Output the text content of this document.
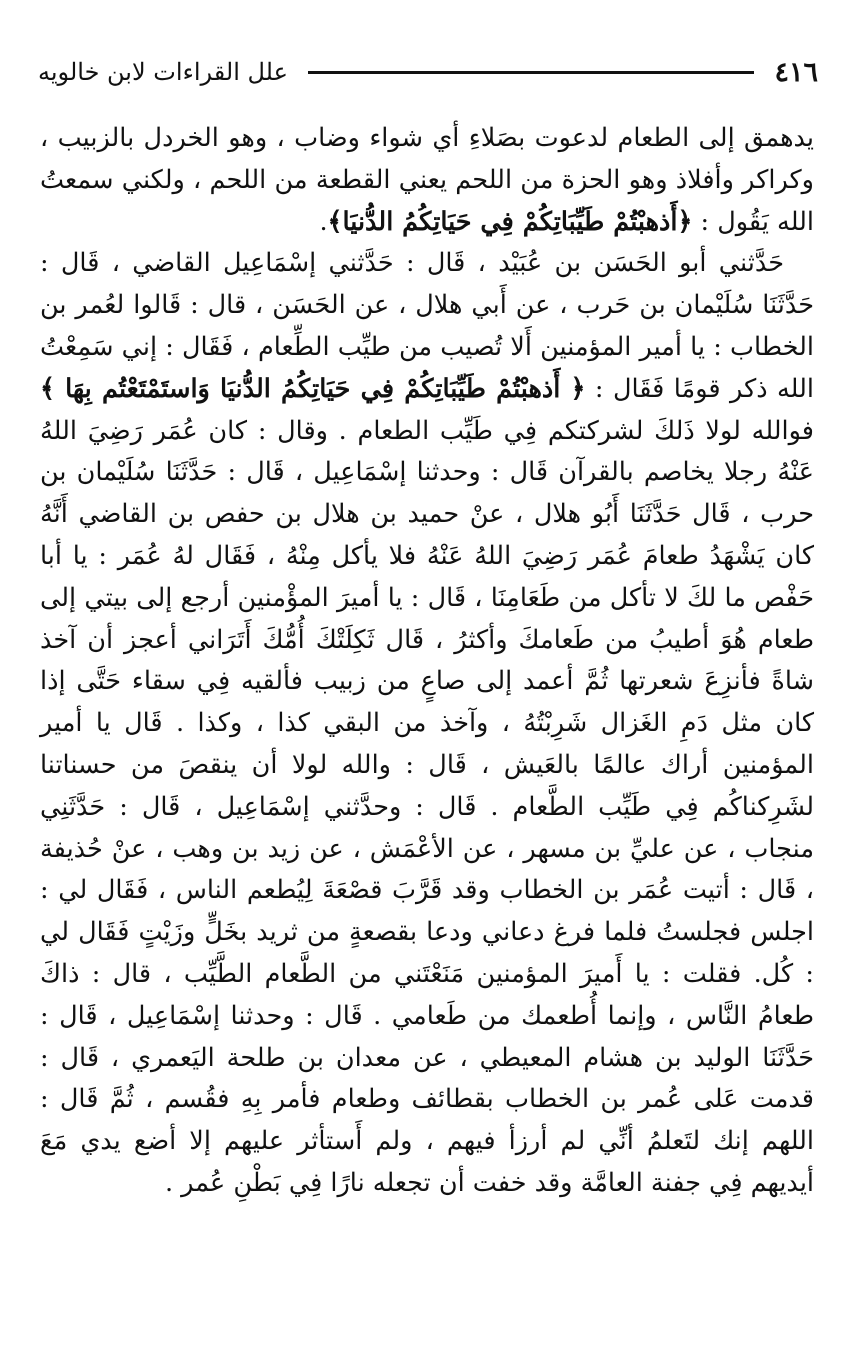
٤١٦
علل القراءات لابن خالويه

يدهمق إلى الطعام لدعوت بصَلاءِ أي شواء وضاب ، وهو الخردل بالزبيب ، وكراكر وأفلاذ وهو الحزة من اللحم يعني القطعة من اللحم ، ولكني سمعتُ الله يَقُول : ﴿أَذهبْتُمْ طَيِّبَاتِكُمْ فِي حَيَاتِكُمُ الدُّنيَا﴾.

حَدَّثني أبو الحَسَن بن عُبَيْد ، قَال : حَدَّثني إسْمَاعِيل القاضي ، قَال : حَدَّثَنَا سُلَيْمان بن حَرب ، عن أَبي هلال ، عن الحَسَن ، قال : قَالوا لعُمر بن الخطاب : يا أمير المؤمنين أَلا تُصيب من طيِّب الطِّعام ، فَقَال : إني سَمِعْتُ الله ذكر قومًا فَقَال : ﴿ أَذهبْتُمْ طَيِّبَاتِكُمْ فِي حَيَاتِكُمُ الدُّنيَا وَاستَمْتَعْتُم بِهَا ﴾ فوالله لولا ذَلكَ لشركتكم فِي طَيِّب الطعام . وقال : كان عُمَر رَضِيَ اللهُ عَنْهُ رجلا يخاصم بالقرآن قَال : وحدثنا إسْمَاعِيل ، قَال : حَدَّثَنَا سُلَيْمان بن حرب ، قَال حَدَّثَنَا أَبُو هلال ، عنْ حميد بن هلال بن حفص بن القاضي أَنَّهُ كان يَشْهَدُ طعامَ عُمَر رَضِيَ اللهُ عَنْهُ فلا يأكل مِنْهُ ، فَقَال لهُ عُمَر : يا أبا حَفْص ما لكَ لا تأكل من طَعَامِنَا ، قَال : يا أميرَ المؤْمنين أرجع إلى بيتي إلى طعام هُوَ أطيبُ من طَعامكَ وأكثرُ ، قَال ثَكِلَتْكَ أُمُّكَ أَتَرَاني أعجز أن آخذ شاةً فأنزِعَ شعرتها ثُمَّ أعمد إلى صاعٍ من زبيب فألقيه فِي سقاء حَتَّى إذا كان مثل دَمِ الغَزال شَرِبْتُهُ ، وآخذ من البقي كذا ، وكذا . قَال يا أمير المؤمنين أراك عالمًا بالعَيش ، قَال : والله لولا أن ينقصَ من حسناتنا لشَرِكناكُم فِي طَيِّب الطَّعام . قَال : وحدَّثني إسْمَاعِيل ، قَال : حَدَّثَنِي منجاب ، عن عليِّ بن مسهر ، عن الأعْمَش ، عن زيد بن وهب ، عنْ حُذيفة ، قَال : أتيت عُمَر بن الخطاب وقد قَرَّبَ قصْعَةَ لِيُطعم الناس ، فَقَال لي : اجلس فجلستُ فلما فرغ دعاني ودعا بقصعةٍ من ثريد بخَلٍّ وزَيْتٍ فَقَال لي : كُل. فقلت : يا أَميرَ المؤمنين مَنَعْتَني من الطَّعام الطَّيِّب ، قال : ذاكَ طعامُ النَّاس ، وإنما أُطعمك من طَعامي . قَال : وحدثنا إسْمَاعِيل ، قَال : حَدَّثَنَا الوليد بن هشام المعيطي ، عن معدان بن طلحة اليَعمري ، قَال : قدمت عَلى عُمر بن الخطاب بقطائف وطعام فأمر بِهِ فقُسم ، ثُمَّ قَال : اللهم إنك لتَعلمُ أنِّي لم أرزأ فيهم ، ولم أَستأثر عليهم إلا أضع يدي مَعَ أيديهم فِي جفنة العامَّة وقد خفت أن تجعله نارًا فِي بَطْنِ عُمر .
